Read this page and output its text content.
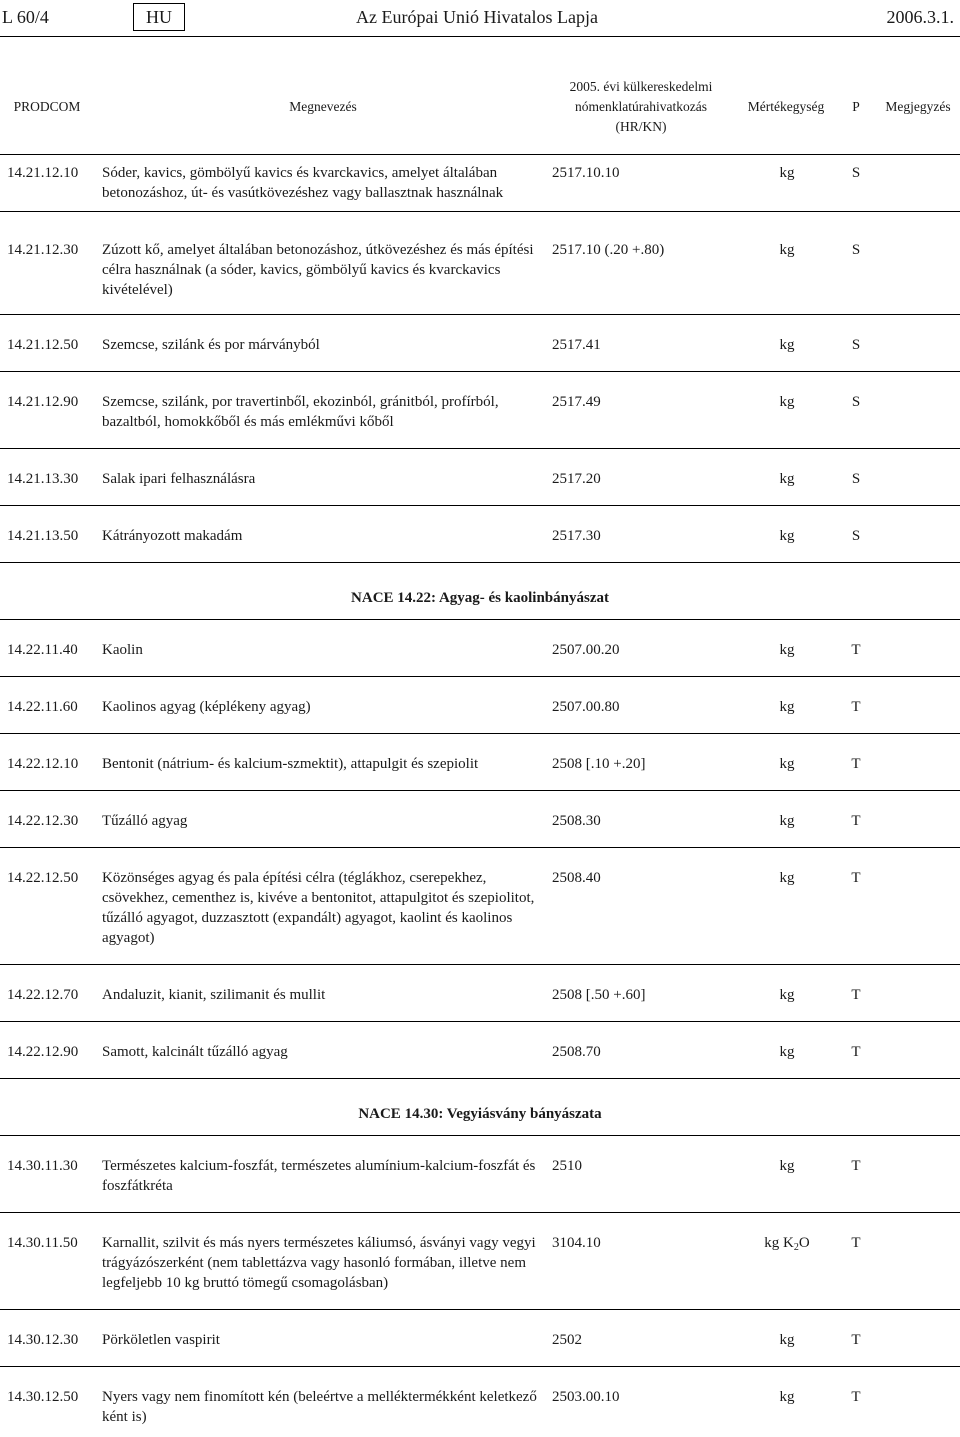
L 60/4	HU	Az Európai Unió Hivatalos Lapja	2006.3.1.
PRODCOM	Megnevezés
2005. évi külkereskedelmi
nómenklatúrahivatkozás
(HR/KN)
Mértékegység	P	Megjegyzés
14.21.12.10	Sóder, kavics, gömbölyű kavics és kvarckavics, amelyet általában betonozáshoz, út- és vasútkövezéshez vagy ballasztnak használnak
2517.10.10	kg	S
14.21.12.30	Zúzott kő, amelyet általában betonozáshoz, útkövezéshez és más építési célra használnak (a sóder, kavics, gömbölyű kavics és kvarckavics kivételével)
2517.10 (.20 +.80)	kg	S
14.21.12.50	Szemcse, szilánk és por márványból	2517.41	kg	S
14.21.12.90	Szemcse, szilánk, por travertinből, ekozinból, gránitból, profírból, bazaltból, homokkőből és más emlékművi kőből
2517.49	kg	S
14.21.13.30	Salak ipari felhasználásra	2517.20	kg	S
14.21.13.50	Kátrányozott makadám	2517.30	kg	S
NACE 14.22: Agyag- és kaolinbányászat
14.22.11.40	Kaolin	2507.00.20	kg	T
14.22.11.60	Kaolinos agyag (képlékeny agyag)	2507.00.80	kg	T
14.22.12.10	Bentonit (nátrium- és kalcium-szmektit), attapulgit és szepiolit	2508 [.10 +.20]	kg	T
14.22.12.30	Tűzálló agyag	2508.30	kg	T
14.22.12.50	Közönséges agyag és pala építési célra (téglákhoz, cserepekhez, csövekhez, cementhez is, kivéve a bentonitot, attapulgitot és szepiolitot, tűzálló agyagot, duzzasztott (expandált) agyagot, kaolint és kaolinos agyagot)
2508.40	kg	T
14.22.12.70	Andaluzit, kianit, szilimanit és mullit	2508 [.50 +.60]	kg	T
14.22.12.90	Samott, kalcinált tűzálló agyag	2508.70	kg	T
NACE 14.30: Vegyiásvány bányászata
14.30.11.30	Természetes kalcium-foszfát, természetes alumínium-kalcium-foszfát és foszfátkréta
2510	kg	T
14.30.11.50	Karnallit, szilvit és más nyers természetes káliumsó, ásványi vagy vegyi trágyázószerként (nem tablettázva vagy hasonló formában, illetve nem legfeljebb 10 kg bruttó tömegű csomagolásban)
3104.10	kg $K_2O$	T
14.30.12.30	Pörköletlen vaspirit	2502	kg	T
14.30.12.50	Nyers vagy nem finomított kén (beleértve a melléktermékként keletkező ként is)
2503.00.10	kg	T
